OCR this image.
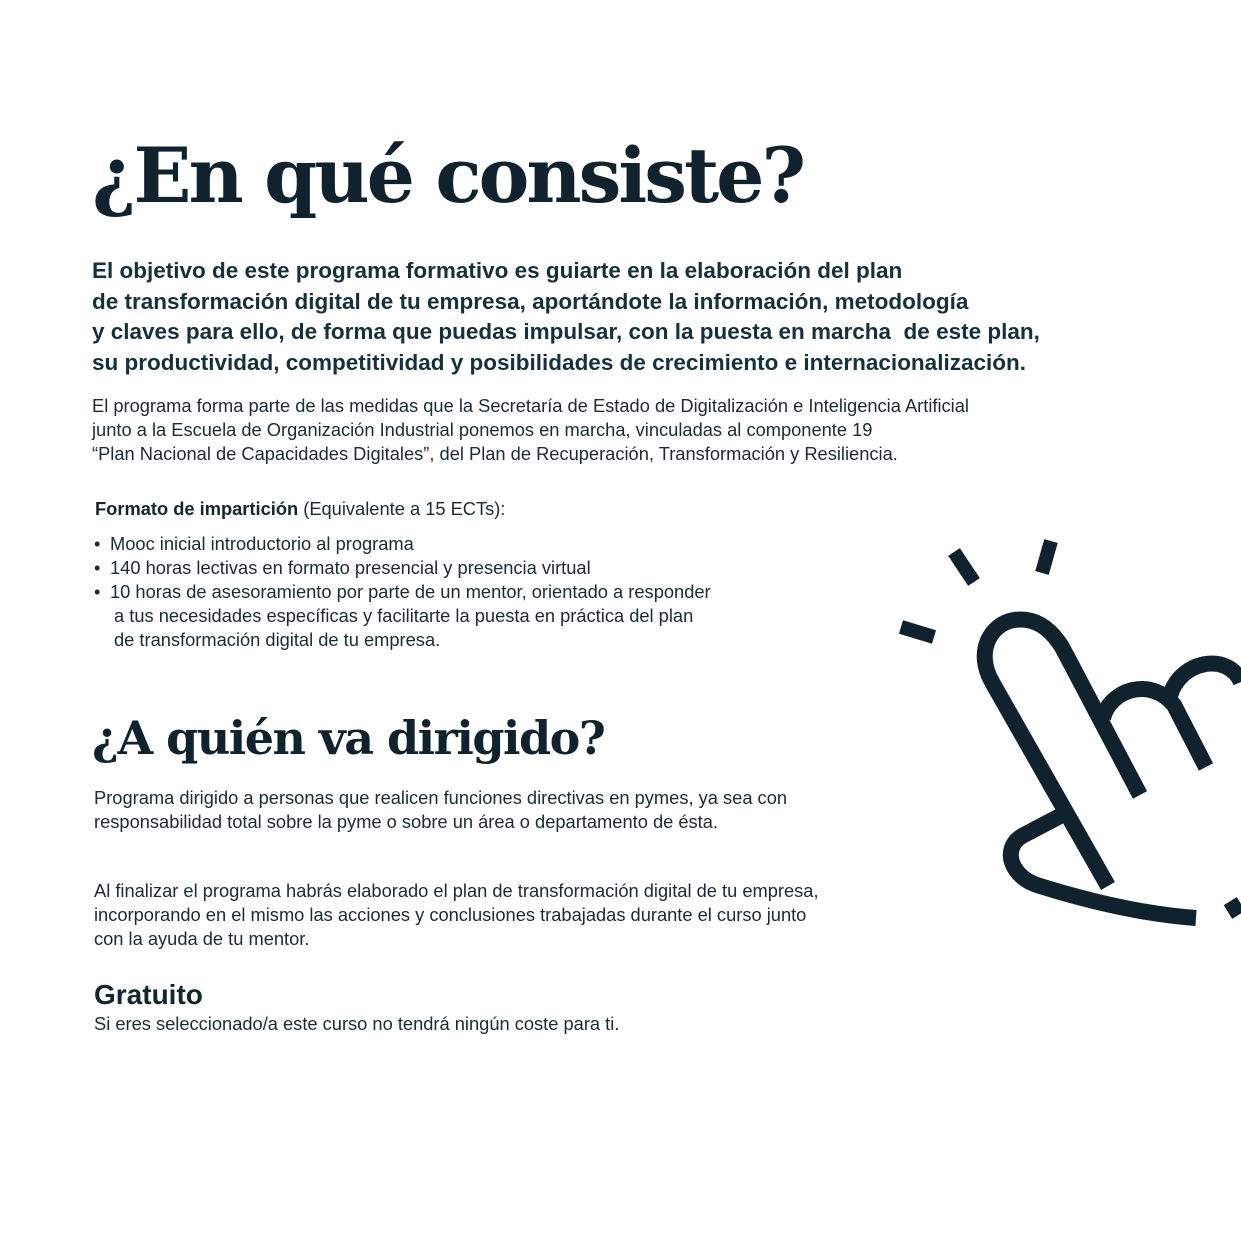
¿En qué consiste?
El objetivo de este programa formativo es guiarte en la elaboración del plan
de transformación digital de tu empresa, aportándote la información, metodología
y claves para ello, de forma que puedas impulsar, con la puesta en marcha  de este plan,
su productividad, competitividad y posibilidades de crecimiento e internacionalización.
El programa forma parte de las medidas que la Secretaría de Estado de Digitalización e Inteligencia Artificial
junto a la Escuela de Organización Industrial ponemos en marcha, vinculadas al componente 19
“Plan Nacional de Capacidades Digitales”, del Plan de Recuperación, Transformación y Resiliencia.
Formato de impartición (Equivalente a 15 ECTs):
• Mooc inicial introductorio al programa
• 140 horas lectivas en formato presencial y presencia virtual
• 10 horas de asesoramiento por parte de un mentor, orientado a responder
a tus necesidades específicas y facilitarte la puesta en práctica del plan
de transformación digital de tu empresa.
¿A quién va dirigido?
Programa dirigido a personas que realicen funciones directivas en pymes, ya sea con
responsabilidad total sobre la pyme o sobre un área o departamento de ésta.
Al finalizar el programa habrás elaborado el plan de transformación digital de tu empresa,
incorporando en el mismo las acciones y conclusiones trabajadas durante el curso junto
con la ayuda de tu mentor.
Gratuito

Si eres seleccionado/a este curso no tendrá ningún coste para ti.
